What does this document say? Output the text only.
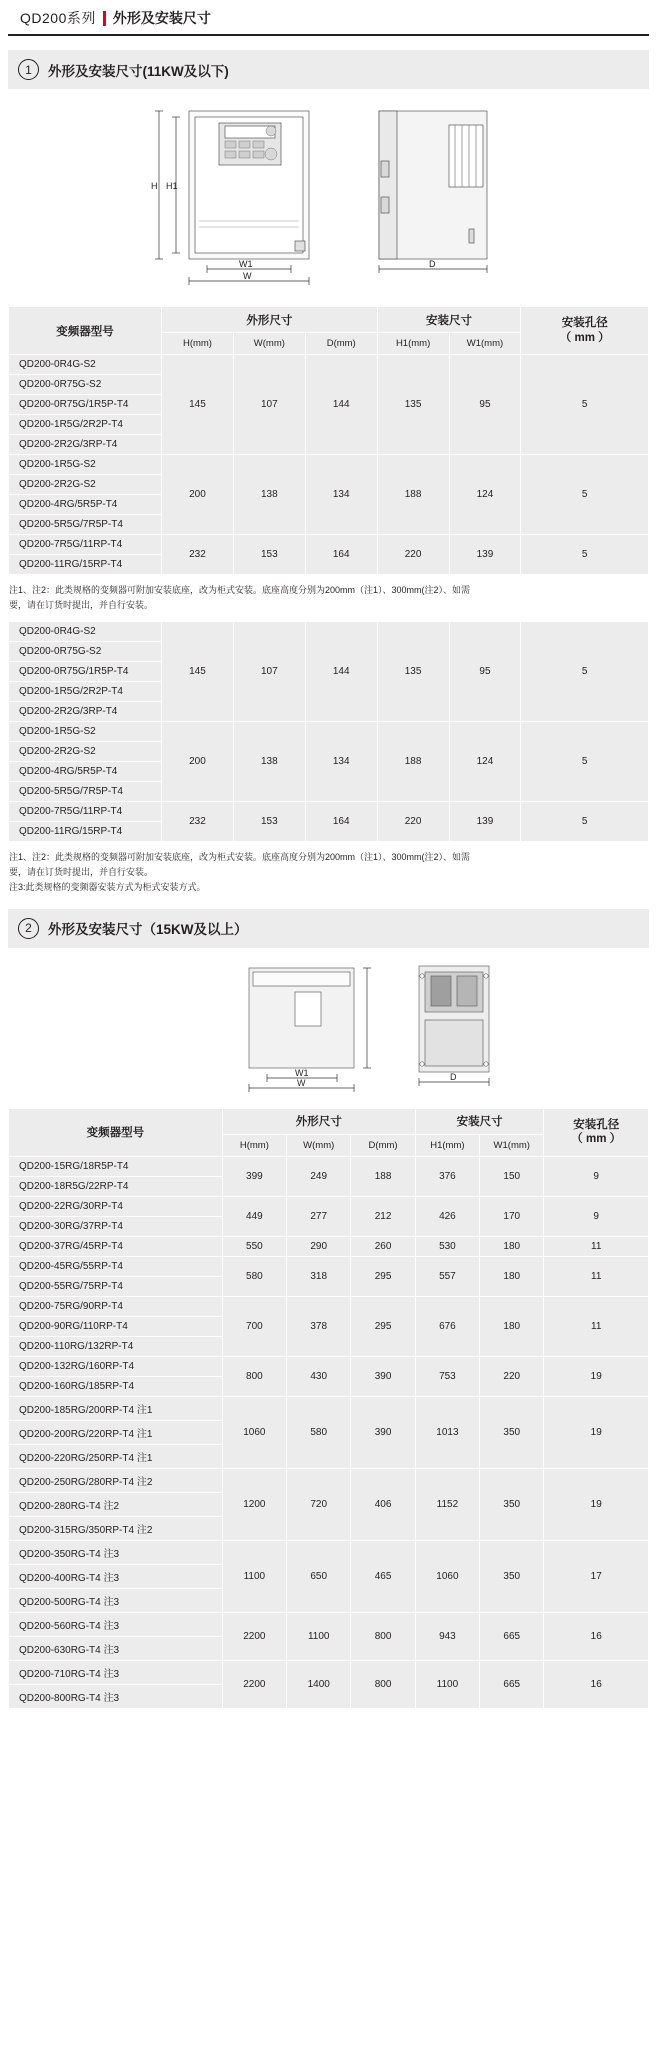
QD200系列 外形及安装尺寸
1	外形及安装尺寸(11KW及以下)
H H1
W1
W
D
变频器型号	外形尺寸			安装尺寸		安装孔径
（ mm ）
	H(mm)	W(mm)	D(mm)	H1(mm)	W1(mm)	
QD200-0R4G-S2	145	107	144	135	95	5
QD200-0R75G-S2						
QD200-0R75G/1R5P-T4						
QD200-1R5G/2R2P-T4						
QD200-2R2G/3RP-T4						
QD200-1R5G-S2	200	138	134	188	124	5
QD200-2R2G-S2						
QD200-4RG/5R5P-T4						
QD200-5R5G/7R5P-T4						
QD200-7R5G/11RP-T4	232	153	164	220	139	5
QD200-11RG/15RP-T4						

注1、注2：此类规格的变频器可附加安装底座，改为柜式安装。底座高度分别为200mm（注1）、300mm(注2）、如需

要，请在订货时提出，并自行安装。

QD200-0R4G-S2	145	107	144	135	95	5
QD200-0R75G-S2						
QD200-0R75G/1R5P-T4						
QD200-1R5G/2R2P-T4						
QD200-2R2G/3RP-T4						
QD200-1R5G-S2	200	138	134	188	124	5
QD200-2R2G-S2						
QD200-4RG/5R5P-T4						
QD200-5R5G/7R5P-T4						
QD200-7R5G/11RP-T4	232	153	164	220	139	5
QD200-11RG/15RP-T4						

注1、注2：此类规格的变频器可附加安装底座，改为柜式安装。底座高度分别为200mm（注1）、300mm(注2）、如需

要，请在订货时提出，并自行安装。

注3:此类规格的变频器安装方式为柜式安装方式。

2	外形及安装尺寸（15KW及以上）
W1
W
D
变频器型号	外形尺寸			安装尺寸		安装孔径
（ mm ）
	H(mm)	W(mm)	D(mm)	H1(mm)	W1(mm)	
QD200-15RG/18R5P-T4	399	249	188	376	150	9
QD200-18R5G/22RP-T4						
QD200-22RG/30RP-T4	449	277	212	426	170	9
QD200-30RG/37RP-T4						
QD200-37RG/45RP-T4	550	290	260	530	180	11
QD200-45RG/55RP-T4	580	318	295	557	180	11
QD200-55RG/75RP-T4						
QD200-75RG/90RP-T4	700	378	295	676	180	11
QD200-90RG/110RP-T4						
QD200-110RG/132RP-T4						
QD200-132RG/160RP-T4	800	430	390	753	220	19
QD200-160RG/185RP-T4						
QD200-185RG/200RP-T4 注1	1060	580	390	1013	350	19
QD200-200RG/220RP-T4 注1						
QD200-220RG/250RP-T4 注1						
QD200-250RG/280RP-T4 注2	1200	720	406	1152	350	19
QD200-280RG-T4 注2						
QD200-315RG/350RP-T4 注2						
QD200-350RG-T4 注3	1100	650	465	1060	350	17
QD200-400RG-T4 注3						
QD200-500RG-T4 注3						
QD200-560RG-T4 注3	2200	1100	800	943	665	16
QD200-630RG-T4 注3						
QD200-710RG-T4 注3	2200	1400	800	1100	665	16
QD200-800RG-T4 注3						
